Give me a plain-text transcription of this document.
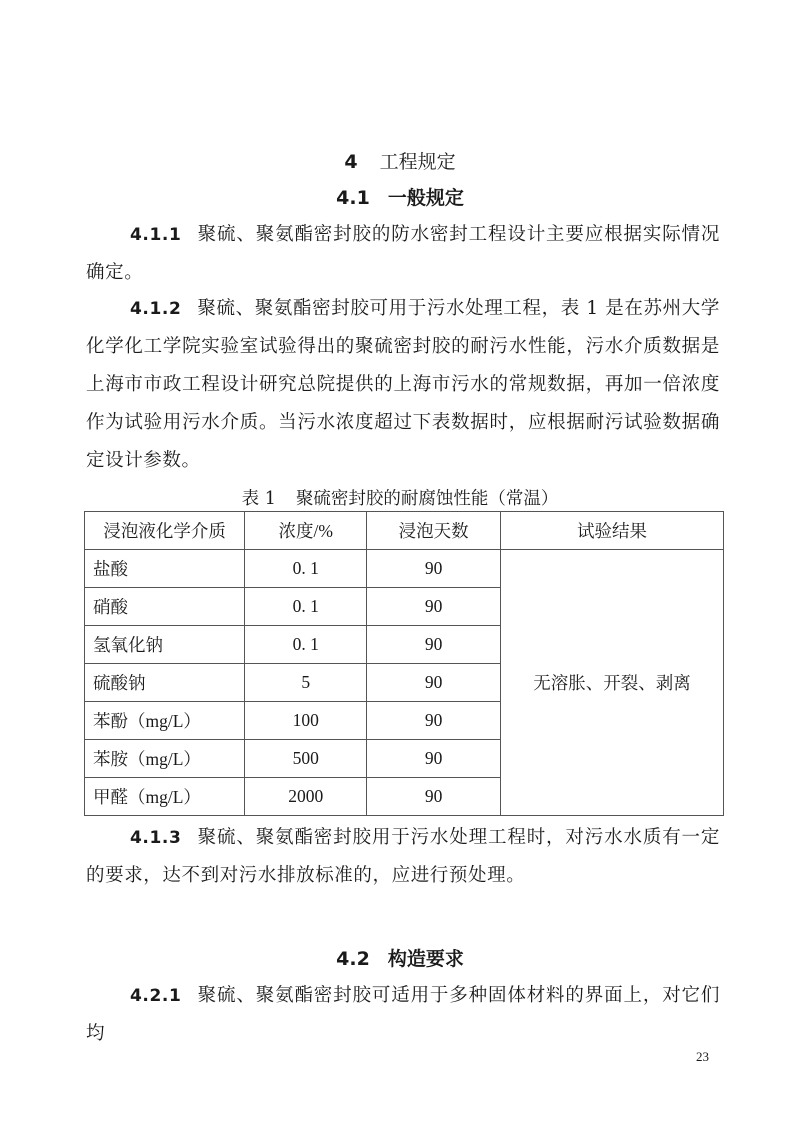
4 工程规定
4.1 一般规定
4.1.1 聚硫、聚氨酯密封胶的防水密封工程设计主要应根据实际情况确定。
4.1.2 聚硫、聚氨酯密封胶可用于污水处理工程，表 1 是在苏州大学化学化工学院实验室试验得出的聚硫密封胶的耐污水性能，污水介质数据是上海市市政工程设计研究总院提供的上海市污水的常规数据，再加一倍浓度作为试验用污水介质。当污水浓度超过下表数据时，应根据耐污试验数据确定设计参数。
表 1 聚硫密封胶的耐腐蚀性能（常温）
浸泡液化学介质	浓度/%	浸泡天数	试验结果
盐酸	0. 1	90	无溶胀、开裂、剥离
硝酸	0. 1	90	
氢氧化钠	0. 1	90	
硫酸钠	5	90	
苯酚（mg/L）	100	90	
苯胺（mg/L）	500	90	
甲醛（mg/L）	2000	90	
4.1.3 聚硫、聚氨酯密封胶用于污水处理工程时，对污水水质有一定的要求，达不到对污水排放标准的，应进行预处理。
4.2 构造要求
4.2.1 聚硫、聚氨酯密封胶可适用于多种固体材料的界面上，对它们均
23
